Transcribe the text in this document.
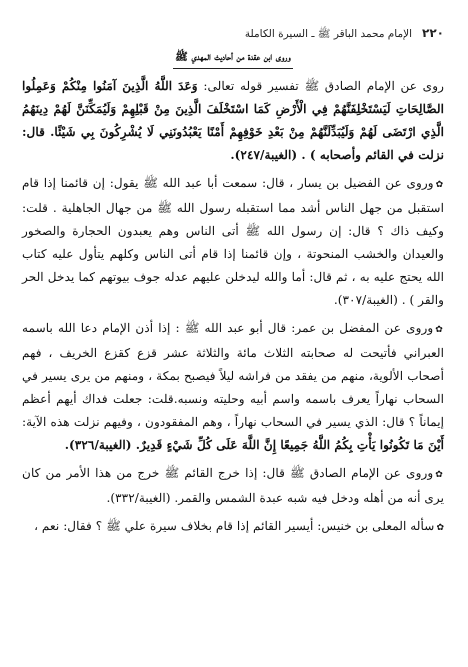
٢٢٠
الإمام محمد الباقر ﷺ ـ السيرة الكاملة
وروى ابن عقدة من أحاديث المهدي ﷺ

روى عن الإمام الصادق ﷺ تفسير قوله تعالى: وَعَدَ اللَّهُ الَّذِينَ آمَنُوا مِنْكُمْ وَعَمِلُوا الصَّالِحَاتِ لَيَسْتَخْلِفَنَّهُمْ فِي الْأَرْضِ كَمَا اسْتَخْلَفَ الَّذِينَ مِنْ قَبْلِهِمْ وَلَيُمَكِّنَنَّ لَهُمْ دِينَهُمُ الَّذِي ارْتَضَى لَهُمْ وَلَيُبَدِّلَنَّهُمْ مِنْ بَعْدِ خَوْفِهِمْ أَمْنًا يَعْبُدُونَنِي لَا يُشْرِكُونَ بِي شَيْئًا. قال: نزلت في القائم وأصحابه ) . (الغيبة/٢٤٧).

✿وروى عن الفضيل بن يسار ، قال: سمعت أبا عبد الله ﷺ يقول: إن قائمنا إذا قام استقبل من جهل الناس أشد مما استقبله رسول الله ﷺ من جهال الجاهلية . قلت: وكيف ذاك ؟ قال: إن رسول الله ﷺ أتى الناس وهم يعبدون الحجارة والصخور والعيدان والخشب المنحوتة ، وإن قائمنا إذا قام أتى الناس وكلهم يتأول عليه كتاب الله يحتج عليه به ، ثم قال: أما والله ليدخلن عليهم عدله جوف بيوتهم كما يدخل الحر والقر ) . (الغيبة/٣٠٧).

✿وروى عن المفضل بن عمر: قال أبو عبد الله ﷺ : إذا أذن الإمام دعا الله باسمه العبراني فأتيحت له صحابته الثلاث مائة والثلاثة عشر قزع كقزع الخريف ، فهم أصحاب الألوية، منهم من يفقد من فراشه ليلاً فيصبح بمكة ، ومنهم من يرى يسير في السحاب نهاراً يعرف باسمه واسم أبيه وحليته ونسبه.قلت: جعلت فداك أيهم أعظم إيماناً ؟ قال: الذي يسير في السحاب نهاراً ، وهم المفقودون ، وفيهم نزلت هذه الآية: أَيْنَ مَا تَكُونُوا يَأْتِ بِكُمُ اللَّهُ جَمِيعًا إِنَّ اللَّهَ عَلَى كُلِّ شَيْءٍ قَدِيرٌ. (الغيبة/٣٢٦).

✿وروى عن الإمام الصادق ﷺ قال: إذا خرج القائم ﷺ خرج من هذا الأمر من كان يرى أنه من أهله ودخل فيه شبه عبدة الشمس والقمر. (الغيبة/٣٣٢).

✿سأله المعلى بن خنيس: أيسير القائم إذا قام بخلاف سيرة علي ﷺ ؟ فقال: نعم ،
